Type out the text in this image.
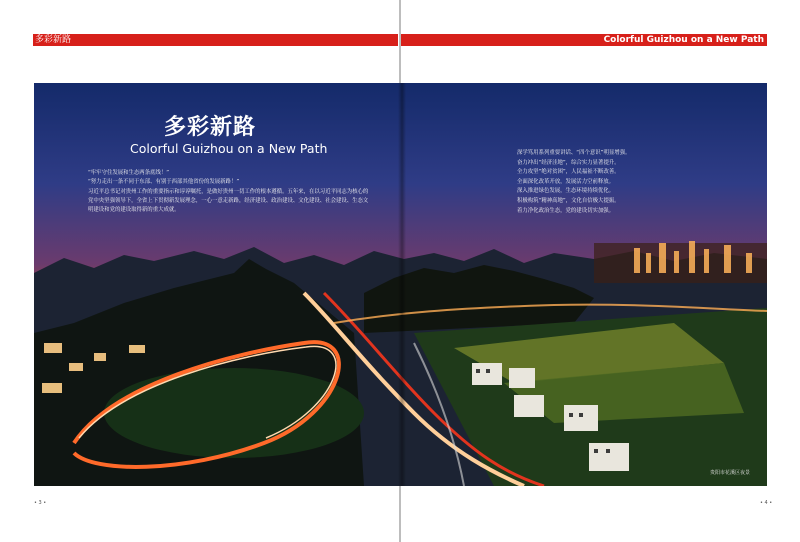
多彩新路	Colorful Guizhou on a New Path
多彩新路
Colorful Guizhou on a New Path

“牢牢守住发展和生态两条底线！”

“努力走出一条不同于东部、有别于西部其他省份的发展新路！”

习近平总书记对贵州工作的重要指示和谆谆嘱托，是做好贵州一切工作的根本遵循。五年来，在以习近平同志为核心的党中央坚强领导下，全省上下贯彻新发展理念，一心一意走新路，经济建设、政治建设、文化建设、社会建设、生态文明建设和党的建设取得新的重大成就。

深学笃用系列重要讲话、“四个意识”明显增强。
奋力冲出“经济洼地”，综合实力显著提升。
全力攻坚“绝对贫困”，人民福祉不断改善。
全面深化改革开放，发展活力空前释放。
深入推进绿色发展，生态环境持续优化。
积极构筑“精神高地”，文化自信极大提振。
着力净化政治生态，党的建设切实加强。
贵阳市花溪区夜景
• 3 •	• 4 •
